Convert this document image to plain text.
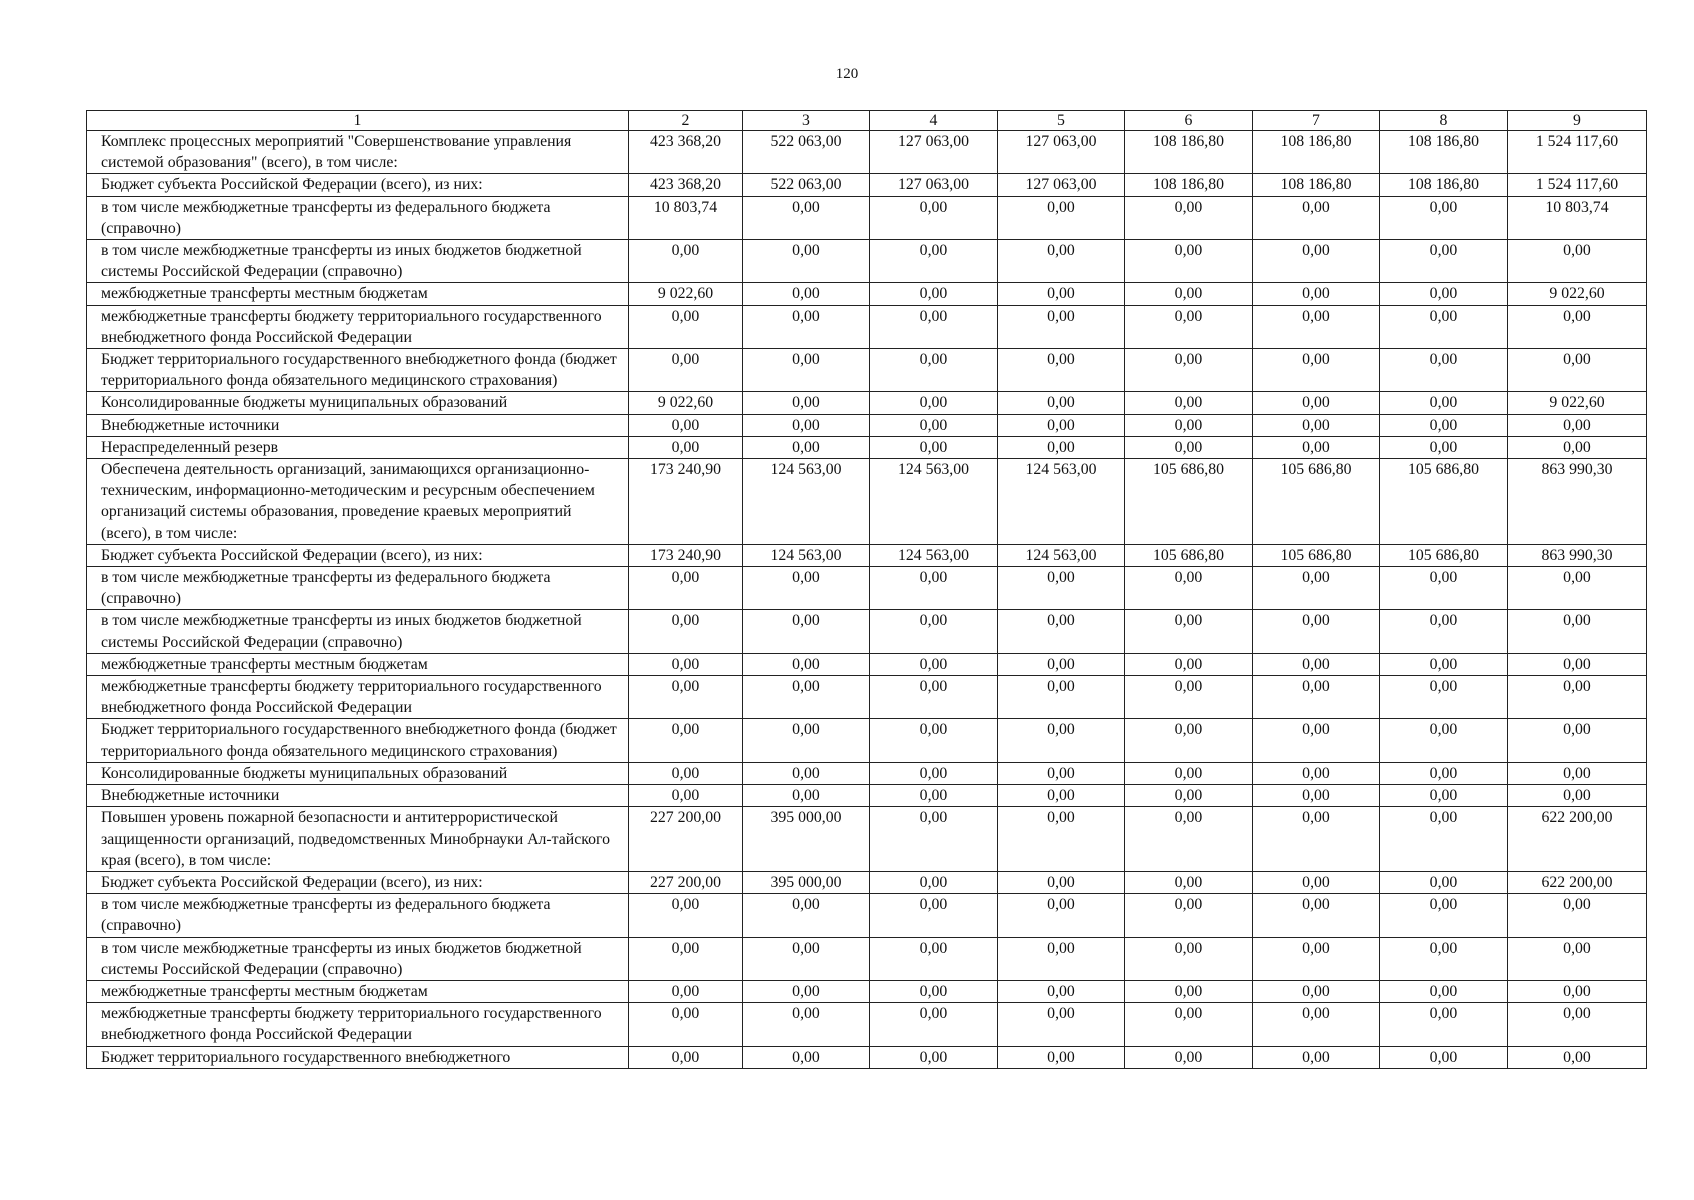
120
1	2	3	4	5	6	7	8	9
Комплекс процессных мероприятий "Совершенствование управления системой образования" (всего), в том числе:	423 368,20	522 063,00	127 063,00	127 063,00	108 186,80	108 186,80	108 186,80	1 524 117,60
Бюджет субъекта Российской Федерации (всего), из них:	423 368,20	522 063,00	127 063,00	127 063,00	108 186,80	108 186,80	108 186,80	1 524 117,60
в том числе межбюджетные трансферты из федерального бюджета (справочно)	10 803,74	0,00	0,00	0,00	0,00	0,00	0,00	10 803,74
в том числе межбюджетные трансферты из иных бюджетов бюджетной системы Российской Федерации (справочно)	0,00	0,00	0,00	0,00	0,00	0,00	0,00	0,00
межбюджетные трансферты местным бюджетам	9 022,60	0,00	0,00	0,00	0,00	0,00	0,00	9 022,60
межбюджетные трансферты бюджету территориального государственного внебюджетного фонда Российской Федерации	0,00	0,00	0,00	0,00	0,00	0,00	0,00	0,00
Бюджет территориального государственного внебюджетного фонда (бюджет территориального фонда обязательного медицинского страхования)	0,00	0,00	0,00	0,00	0,00	0,00	0,00	0,00
Консолидированные бюджеты муниципальных образований	9 022,60	0,00	0,00	0,00	0,00	0,00	0,00	9 022,60
Внебюджетные источники	0,00	0,00	0,00	0,00	0,00	0,00	0,00	0,00
Нераспределенный резерв	0,00	0,00	0,00	0,00	0,00	0,00	0,00	0,00
Обеспечена деятельность организаций, занимающихся организационно-техническим, информационно-методическим и ресурсным обеспечением организаций системы образования, проведение краевых мероприятий (всего), в том числе:	173 240,90	124 563,00	124 563,00	124 563,00	105 686,80	105 686,80	105 686,80	863 990,30
Бюджет субъекта Российской Федерации (всего), из них:	173 240,90	124 563,00	124 563,00	124 563,00	105 686,80	105 686,80	105 686,80	863 990,30
в том числе межбюджетные трансферты из федерального бюджета (справочно)	0,00	0,00	0,00	0,00	0,00	0,00	0,00	0,00
в том числе межбюджетные трансферты из иных бюджетов бюджетной системы Российской Федерации (справочно)	0,00	0,00	0,00	0,00	0,00	0,00	0,00	0,00
межбюджетные трансферты местным бюджетам	0,00	0,00	0,00	0,00	0,00	0,00	0,00	0,00
межбюджетные трансферты бюджету территориального государственного внебюджетного фонда Российской Федерации	0,00	0,00	0,00	0,00	0,00	0,00	0,00	0,00
Бюджет территориального государственного внебюджетного фонда (бюджет территориального фонда обязательного медицинского страхования)	0,00	0,00	0,00	0,00	0,00	0,00	0,00	0,00
Консолидированные бюджеты муниципальных образований	0,00	0,00	0,00	0,00	0,00	0,00	0,00	0,00
Внебюджетные источники	0,00	0,00	0,00	0,00	0,00	0,00	0,00	0,00
Повышен уровень пожарной безопасности и антитеррористической защищенности организаций, подведомственных Минобрнауки Ал-тайского края (всего), в том числе:	227 200,00	395 000,00	0,00	0,00	0,00	0,00	0,00	622 200,00
Бюджет субъекта Российской Федерации (всего), из них:	227 200,00	395 000,00	0,00	0,00	0,00	0,00	0,00	622 200,00
в том числе межбюджетные трансферты из федерального бюджета (справочно)	0,00	0,00	0,00	0,00	0,00	0,00	0,00	0,00
в том числе межбюджетные трансферты из иных бюджетов бюджетной системы Российской Федерации (справочно)	0,00	0,00	0,00	0,00	0,00	0,00	0,00	0,00
межбюджетные трансферты местным бюджетам	0,00	0,00	0,00	0,00	0,00	0,00	0,00	0,00
межбюджетные трансферты бюджету территориального государственного внебюджетного фонда Российской Федерации	0,00	0,00	0,00	0,00	0,00	0,00	0,00	0,00
Бюджет территориального государственного внебюджетного	0,00	0,00	0,00	0,00	0,00	0,00	0,00	0,00
